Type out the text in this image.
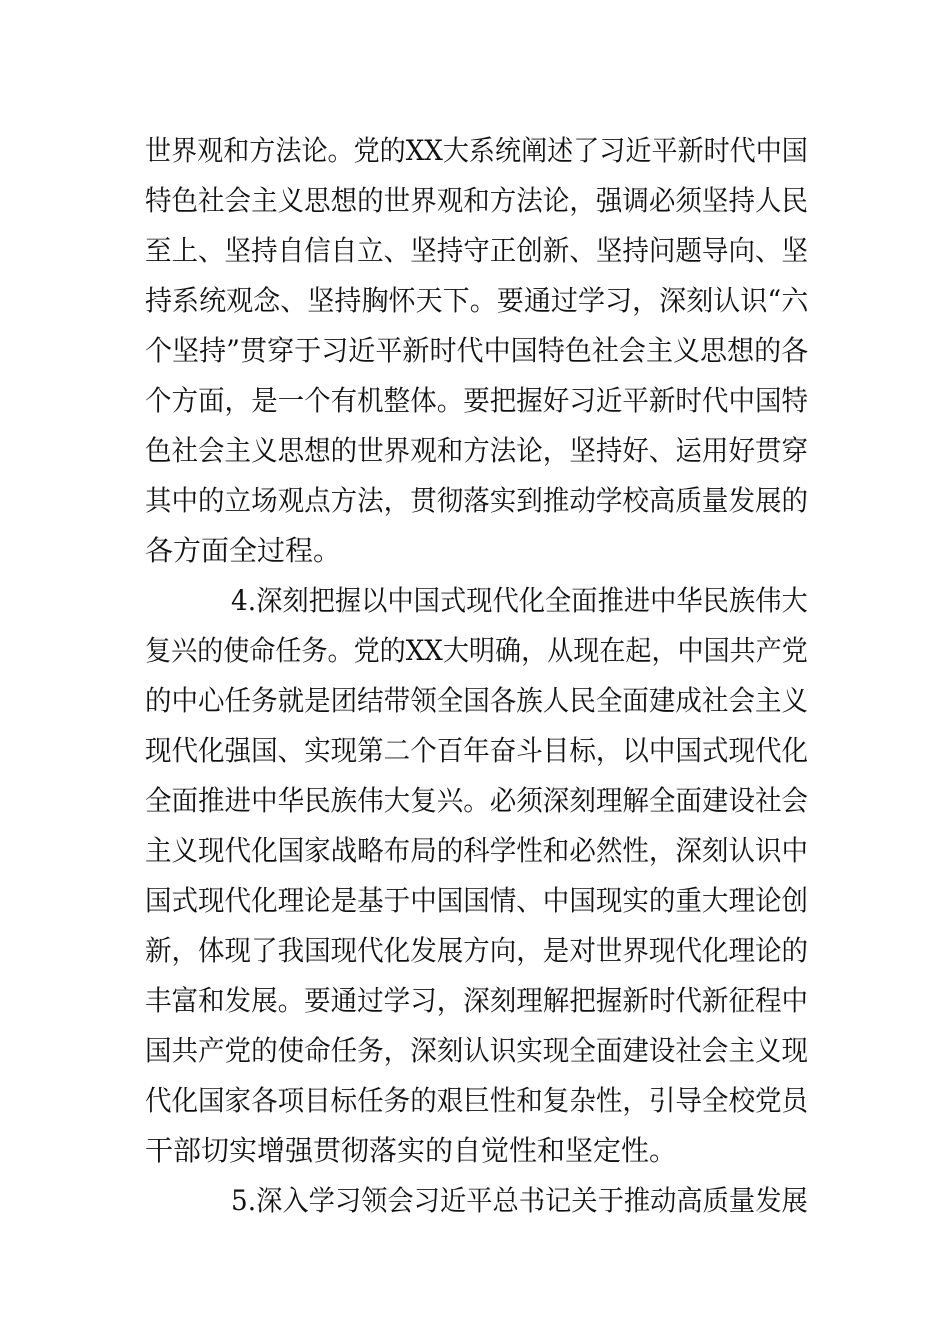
世界观和方法论。党的XX大系统阐述了习近平新时代中国
特色社会主义思想的世界观和方法论，强调必须坚持人民
至上、坚持自信自立、坚持守正创新、坚持问题导向、坚
持系统观念、坚持胸怀天下。要通过学习，深刻认识“六
个坚持”贯穿于习近平新时代中国特色社会主义思想的各
个方面，是一个有机整体。要把握好习近平新时代中国特
色社会主义思想的世界观和方法论，坚持好、运用好贯穿
其中的立场观点方法，贯彻落实到推动学校高质量发展的
各方面全过程。
4.深刻把握以中国式现代化全面推进中华民族伟大
复兴的使命任务。党的XX大明确，从现在起，中国共产党
的中心任务就是团结带领全国各族人民全面建成社会主义
现代化强国、实现第二个百年奋斗目标，以中国式现代化
全面推进中华民族伟大复兴。必须深刻理解全面建设社会
主义现代化国家战略布局的科学性和必然性，深刻认识中
国式现代化理论是基于中国国情、中国现实的重大理论创
新，体现了我国现代化发展方向，是对世界现代化理论的
丰富和发展。要通过学习，深刻理解把握新时代新征程中
国共产党的使命任务，深刻认识实现全面建设社会主义现
代化国家各项目标任务的艰巨性和复杂性，引导全校党员
干部切实增强贯彻落实的自觉性和坚定性。
5.深入学习领会习近平总书记关于推动高质量发展
